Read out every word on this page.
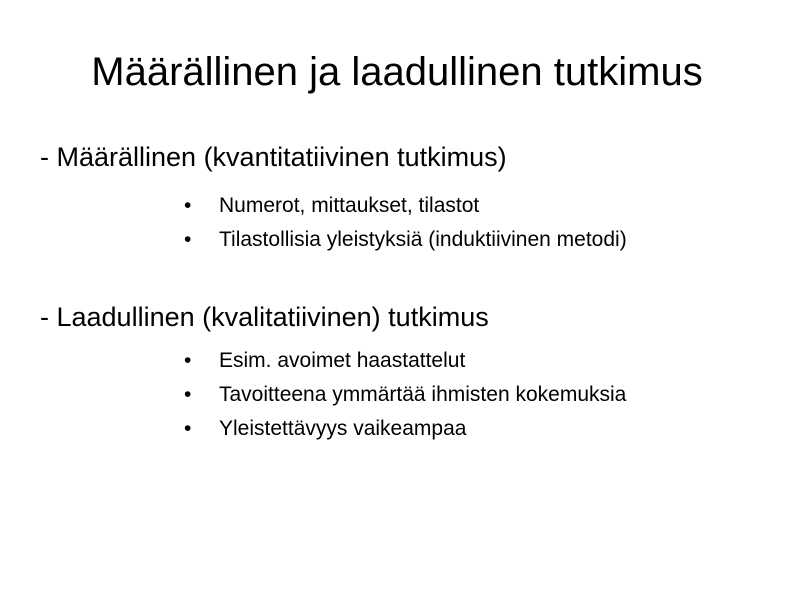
Määrällinen ja laadullinen tutkimus
- Määrällinen (kvantitatiivinen tutkimus)
• Numerot, mittaukset, tilastot
• Tilastollisia yleistyksiä (induktiivinen metodi)
- Laadullinen (kvalitatiivinen) tutkimus
• Esim. avoimet haastattelut
• Tavoitteena ymmärtää ihmisten kokemuksia
• Yleistettävyys vaikeampaa
